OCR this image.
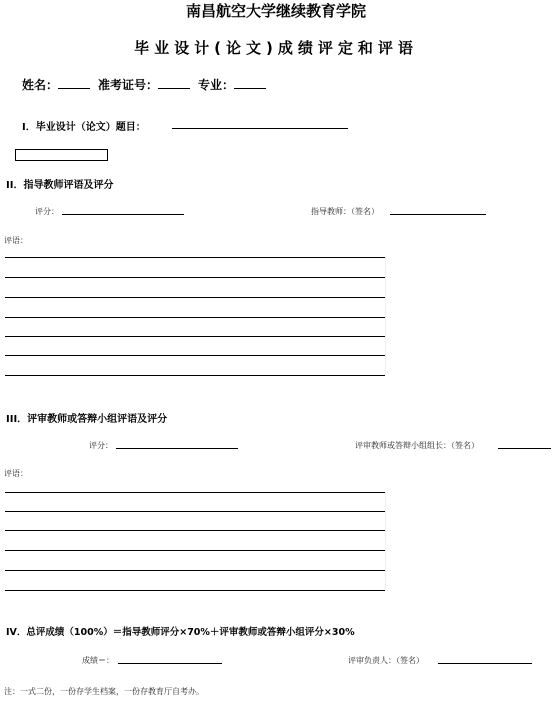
南昌航空大学继续教育学院
毕业设计(论文)成绩评定和评语
姓名：	准考证号：	专业：
I．毕业设计（论文）题目：
II．指导教师评语及评分
评分：	指导教师：（签名）
评语：
III．评审教师或答辩小组评语及评分
评分：	评审教师或答辩小组组长：（签名）
评语：
IV．总评成绩（100%）＝指导教师评分×70%＋评审教师或答辩小组评分×30%
成绩＝：	评审负责人：（签名）
注：一式二份，一份存学生档案，一份存教育厅自考办。
